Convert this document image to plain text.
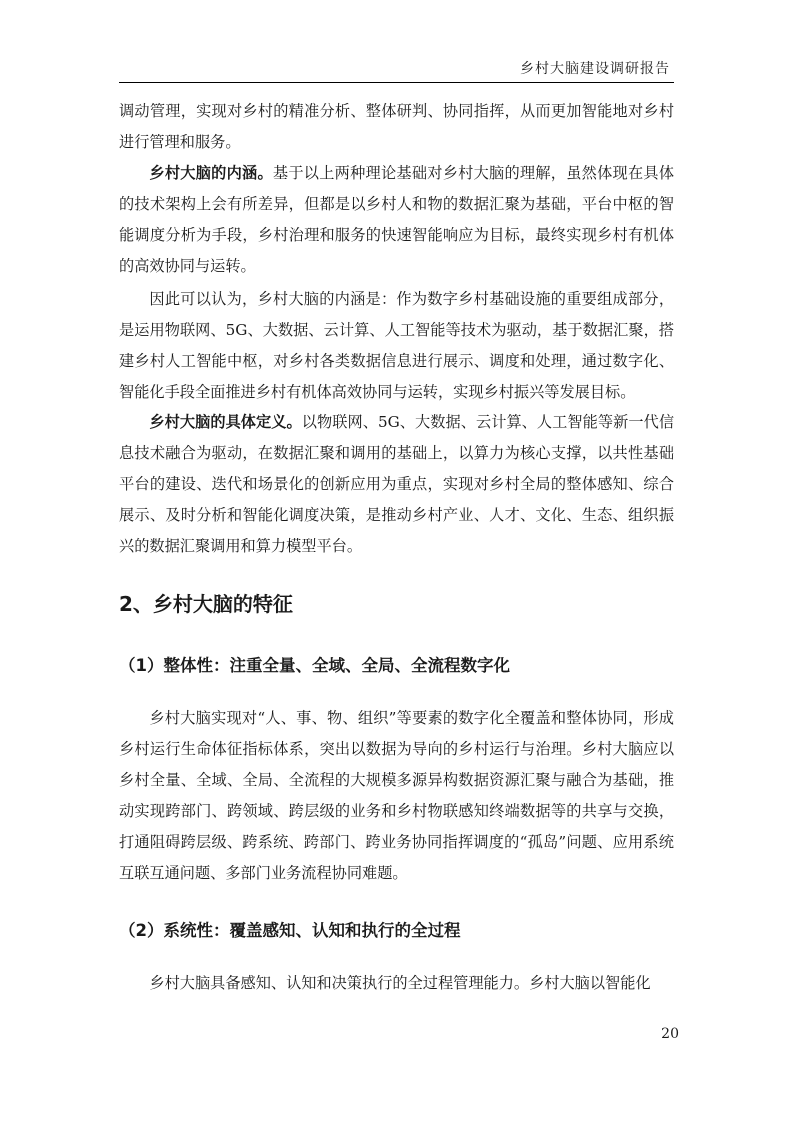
乡村大脑建设调研报告
调动管理，实现对乡村的精准分析、整体研判、协同指挥，从而更加智能地对乡村进行管理和服务。
乡村大脑的内涵。基于以上两种理论基础对乡村大脑的理解，虽然体现在具体的技术架构上会有所差异，但都是以乡村人和物的数据汇聚为基础，平台中枢的智能调度分析为手段，乡村治理和服务的快速智能响应为目标，最终实现乡村有机体的高效协同与运转。
因此可以认为，乡村大脑的内涵是：作为数字乡村基础设施的重要组成部分，是运用物联网、5G、大数据、云计算、人工智能等技术为驱动，基于数据汇聚，搭建乡村人工智能中枢，对乡村各类数据信息进行展示、调度和处理，通过数字化、智能化手段全面推进乡村有机体高效协同与运转，实现乡村振兴等发展目标。
乡村大脑的具体定义。以物联网、5G、大数据、云计算、人工智能等新一代信息技术融合为驱动，在数据汇聚和调用的基础上，以算力为核心支撑，以共性基础平台的建设、迭代和场景化的创新应用为重点，实现对乡村全局的整体感知、综合展示、及时分析和智能化调度决策，是推动乡村产业、人才、文化、生态、组织振兴的数据汇聚调用和算力模型平台。
2、乡村大脑的特征
（1）整体性：注重全量、全域、全局、全流程数字化
乡村大脑实现对“人、事、物、组织”等要素的数字化全覆盖和整体协同，形成乡村运行生命体征指标体系，突出以数据为导向的乡村运行与治理。乡村大脑应以乡村全量、全域、全局、全流程的大规模多源异构数据资源汇聚与融合为基础，推动实现跨部门、跨领域、跨层级的业务和乡村物联感知终端数据等的共享与交换，打通阻碍跨层级、跨系统、跨部门、跨业务协同指挥调度的“孤岛”问题、应用系统互联互通问题、多部门业务流程协同难题。
（2）系统性：覆盖感知、认知和执行的全过程
乡村大脑具备感知、认知和决策执行的全过程管理能力。乡村大脑以智能化
20
